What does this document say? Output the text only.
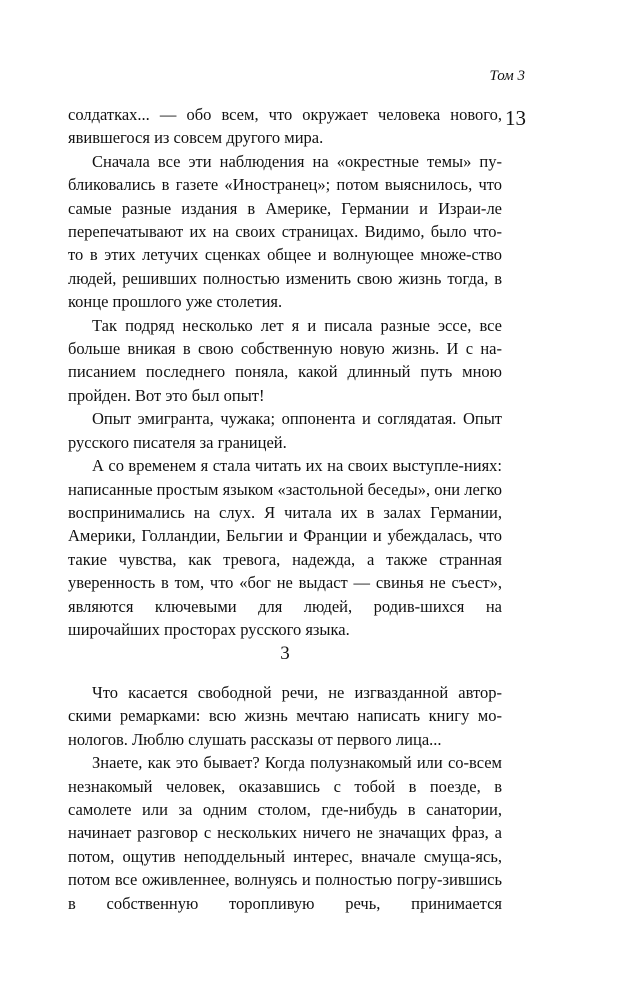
Том 3
13

солдатках... — обо всем, что окружает человека нового, явившегося из совсем другого мира.

Сначала все эти наблюдения на «окрестные темы» пу- бликовались в газете «Иностранец»; потом выяснилось, что самые разные издания в Америке, Германии и Израи- ле перепечатывают их на своих страницах. Видимо, было что-то в этих летучих сценках общее и волнующее множе- ство людей, решивших полностью изменить свою жизнь тогда, в конце прошлого уже столетия.

Так подряд несколько лет я и писала разные эссе, все больше вникая в свою собственную новую жизнь. И с на- писанием последнего поняла, какой длинный путь мною пройден. Вот это был опыт!

Опыт эмигранта, чужака; оппонента и соглядатая. Опыт русского писателя за границей.

А со временем я стала читать их на своих выступле- ниях: написанные простым языком «застольной беседы», они легко воспринимались на слух. Я читала их в залах Германии, Америки, Голландии, Бельгии и Франции и убеждалась, что такие чувства, как тревога, надежда, а также странная уверенность в том, что «бог не выдаст — свинья не съест», являются ключевыми для людей, родив- шихся на широчайших просторах русского языка.

3

Что касается свободной речи, не изгвазданной автор- скими ремарками: всю жизнь мечтаю написать книгу мо- нологов. Люблю слушать рассказы от первого лица...

Знаете, как это бывает? Когда полузнакомый или со- всем незнакомый человек, оказавшись с тобой в поезде, в самолете или за одним столом, где-нибудь в санатории, начинает разговор с нескольких ничего не значащих фраз, а потом, ощутив неподдельный интерес, вначале смуща- ясь, потом все оживленнее, волнуясь и полностью погру- зившись в собственную торопливую речь, принимается
